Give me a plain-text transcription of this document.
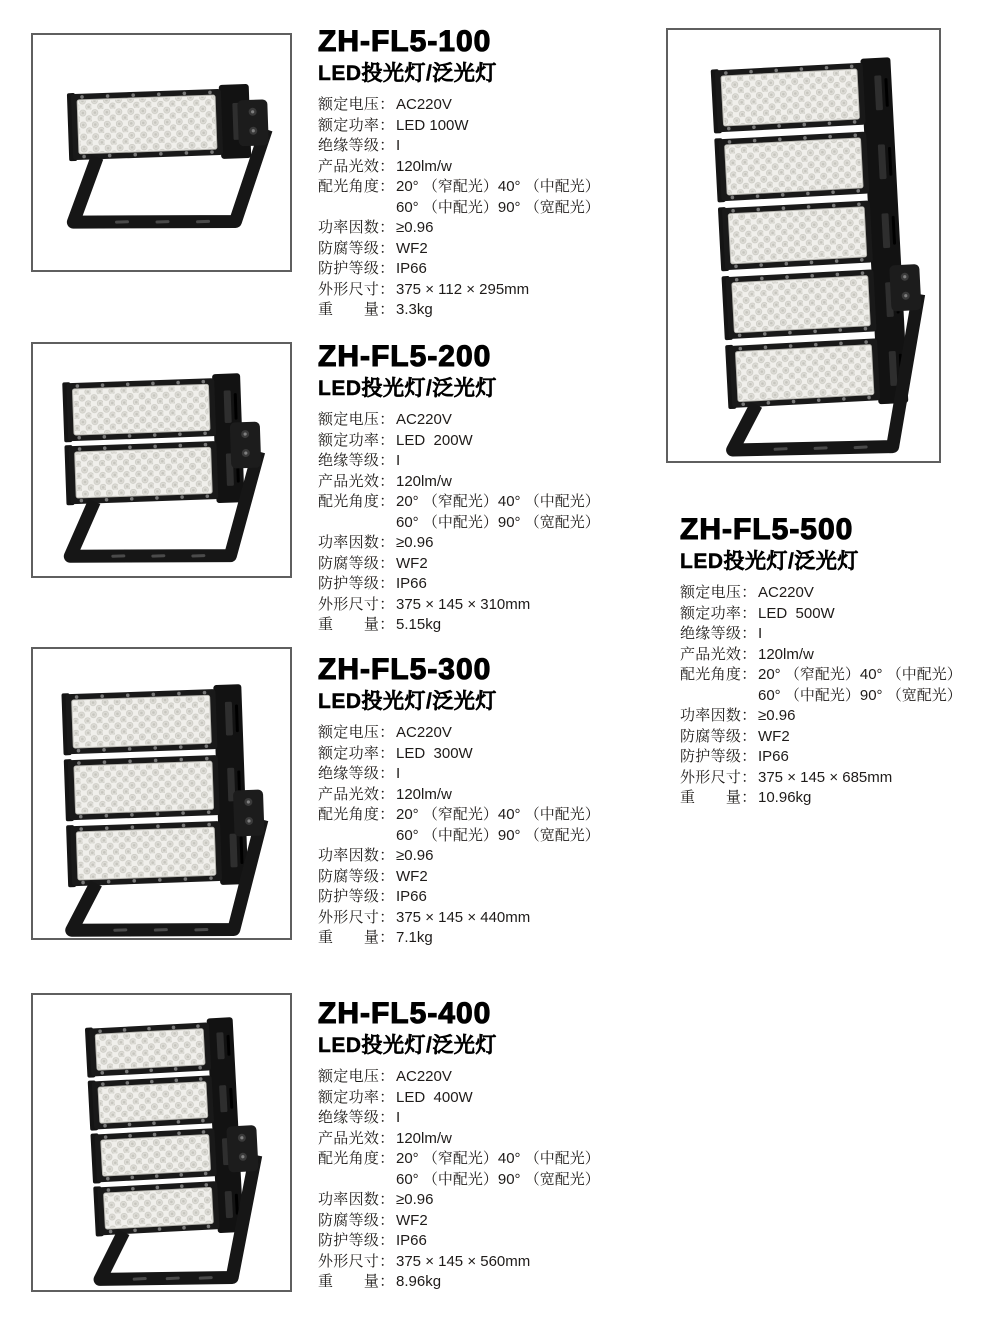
ZH-FL5-100
LED投光灯/泛光灯
额定电压： AC220V
额定功率： LED 100W
绝缘等级： I
产品光效： 120lm/w
配光角度： 20° （窄配光）40° （中配光）
60° （中配光）90° （宽配光）
功率因数： ≥0.96
防腐等级： WF2
防护等级： IP66
外形尺寸： 375 × 112 × 295mm
重　　量： 3.3kg
ZH-FL5-200
LED投光灯/泛光灯
额定电压： AC220V
额定功率： LED  200W
绝缘等级： I
产品光效： 120lm/w
配光角度： 20° （窄配光）40° （中配光）
60° （中配光）90° （宽配光）
功率因数： ≥0.96
防腐等级： WF2
防护等级： IP66
外形尺寸： 375 × 145 × 310mm
重　　量： 5.15kg
ZH-FL5-300
LED投光灯/泛光灯
额定电压： AC220V
额定功率： LED  300W
绝缘等级： I
产品光效： 120lm/w
配光角度： 20° （窄配光）40° （中配光）
60° （中配光）90° （宽配光）
功率因数： ≥0.96
防腐等级： WF2
防护等级： IP66
外形尺寸： 375 × 145 × 440mm
重　　量： 7.1kg
ZH-FL5-400
LED投光灯/泛光灯
额定电压： AC220V
额定功率： LED  400W
绝缘等级： I
产品光效： 120lm/w
配光角度： 20° （窄配光）40° （中配光）
60° （中配光）90° （宽配光）
功率因数： ≥0.96
防腐等级： WF2
防护等级： IP66
外形尺寸： 375 × 145 × 560mm
重　　量： 8.96kg
ZH-FL5-500
LED投光灯/泛光灯
额定电压： AC220V
额定功率： LED  500W
绝缘等级： I
产品光效： 120lm/w
配光角度： 20° （窄配光）40° （中配光）
60° （中配光）90° （宽配光）
功率因数： ≥0.96
防腐等级： WF2
防护等级： IP66
外形尺寸： 375 × 145 × 685mm
重　　量： 10.96kg
